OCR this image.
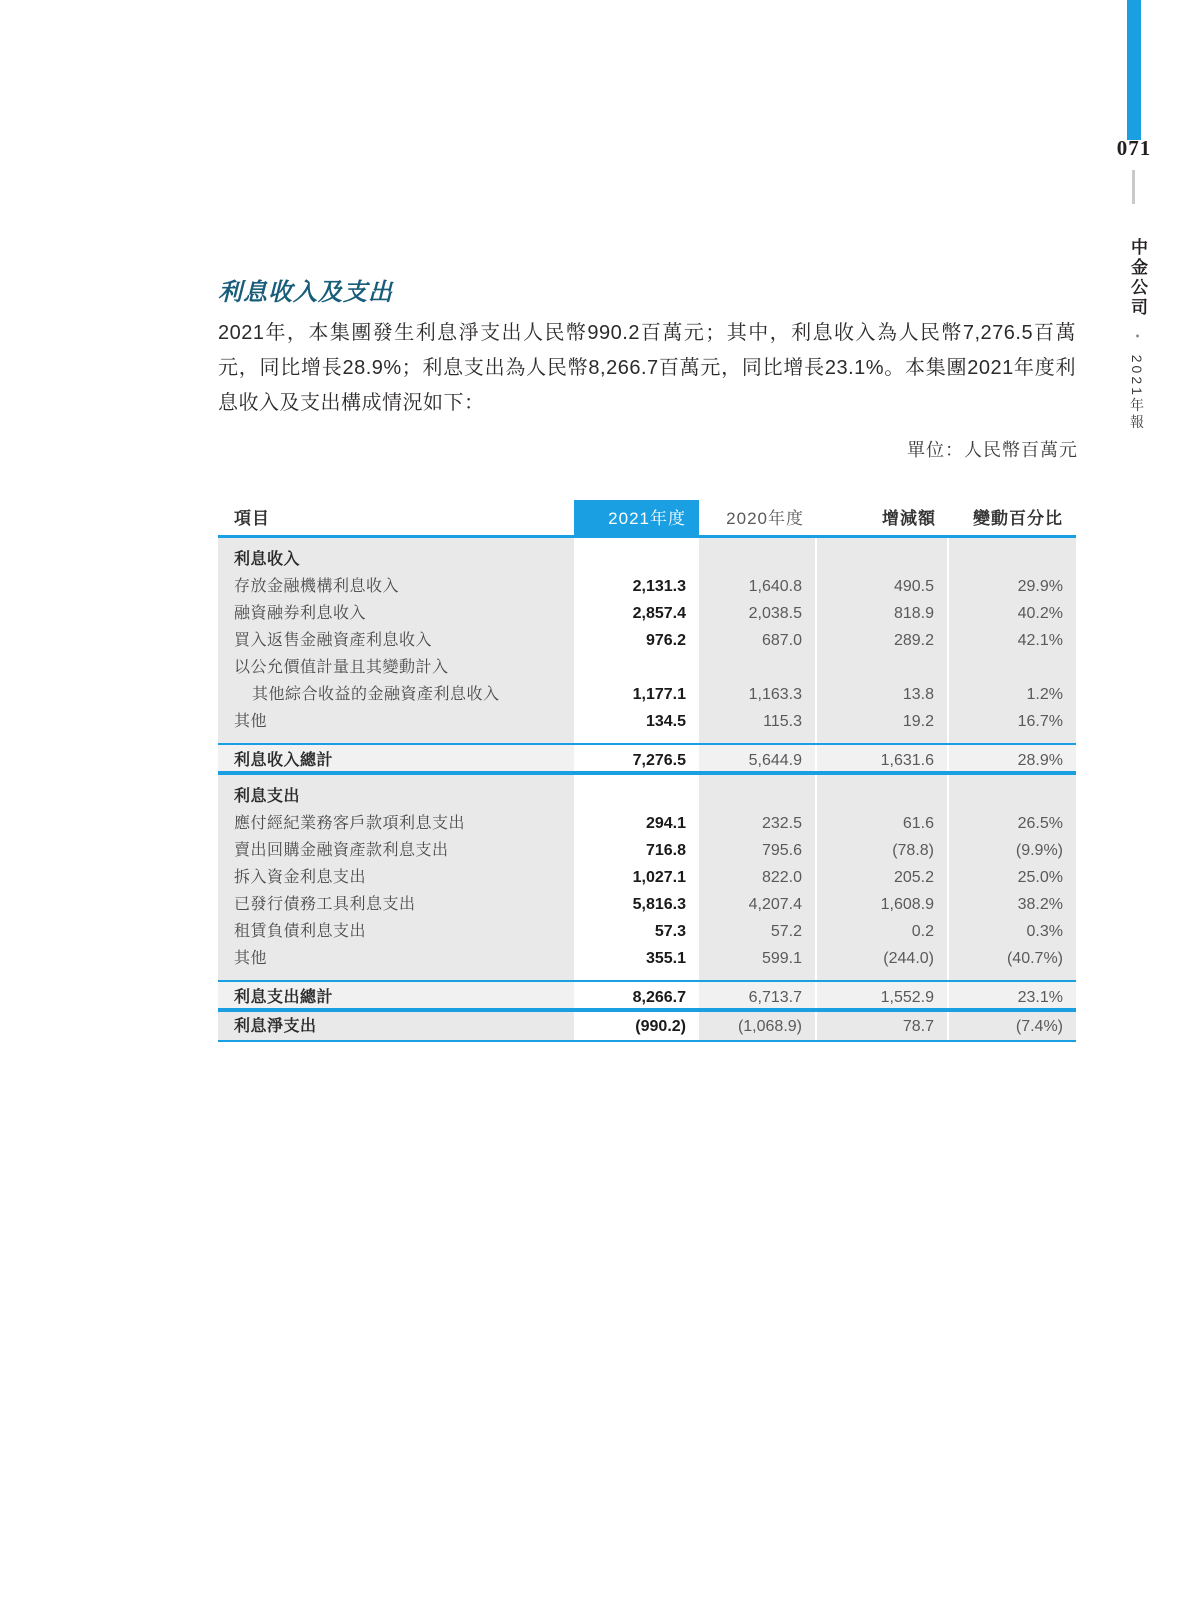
071
中金公司 • 2021年報
利息收入及支出
2021年，本集團發生利息淨支出人民幣990.2百萬元；其中，利息收入為人民幣7,276.5百萬元，同比增長28.9%；利息支出為人民幣8,266.7百萬元，同比增長23.1%。本集團2021年度利息收入及支出構成情況如下：
單位：人民幣百萬元
項目	2021年度	2020年度	增減額	變動百分比
利息收入
存放金融機構利息收入	2,131.3	1,640.8	490.5	29.9%
融資融券利息收入	2,857.4	2,038.5	818.9	40.2%
買入返售金融資產利息收入	976.2	687.0	289.2	42.1%
以公允價值計量且其變動計入
其他綜合收益的金融資產利息收入	1,177.1	1,163.3	13.8	1.2%
其他	134.5	115.3	19.2	16.7%
利息收入總計	7,276.5	5,644.9	1,631.6	28.9%
利息支出
應付經紀業務客戶款項利息支出	294.1	232.5	61.6	26.5%
賣出回購金融資產款利息支出	716.8	795.6	(78.8)	(9.9%)
拆入資金利息支出	1,027.1	822.0	205.2	25.0%
已發行債務工具利息支出	5,816.3	4,207.4	1,608.9	38.2%
租賃負債利息支出	57.3	57.2	0.2	0.3%
其他	355.1	599.1	(244.0)	(40.7%)
利息支出總計	8,266.7	6,713.7	1,552.9	23.1%
利息淨支出	(990.2)	(1,068.9)	78.7	(7.4%)
